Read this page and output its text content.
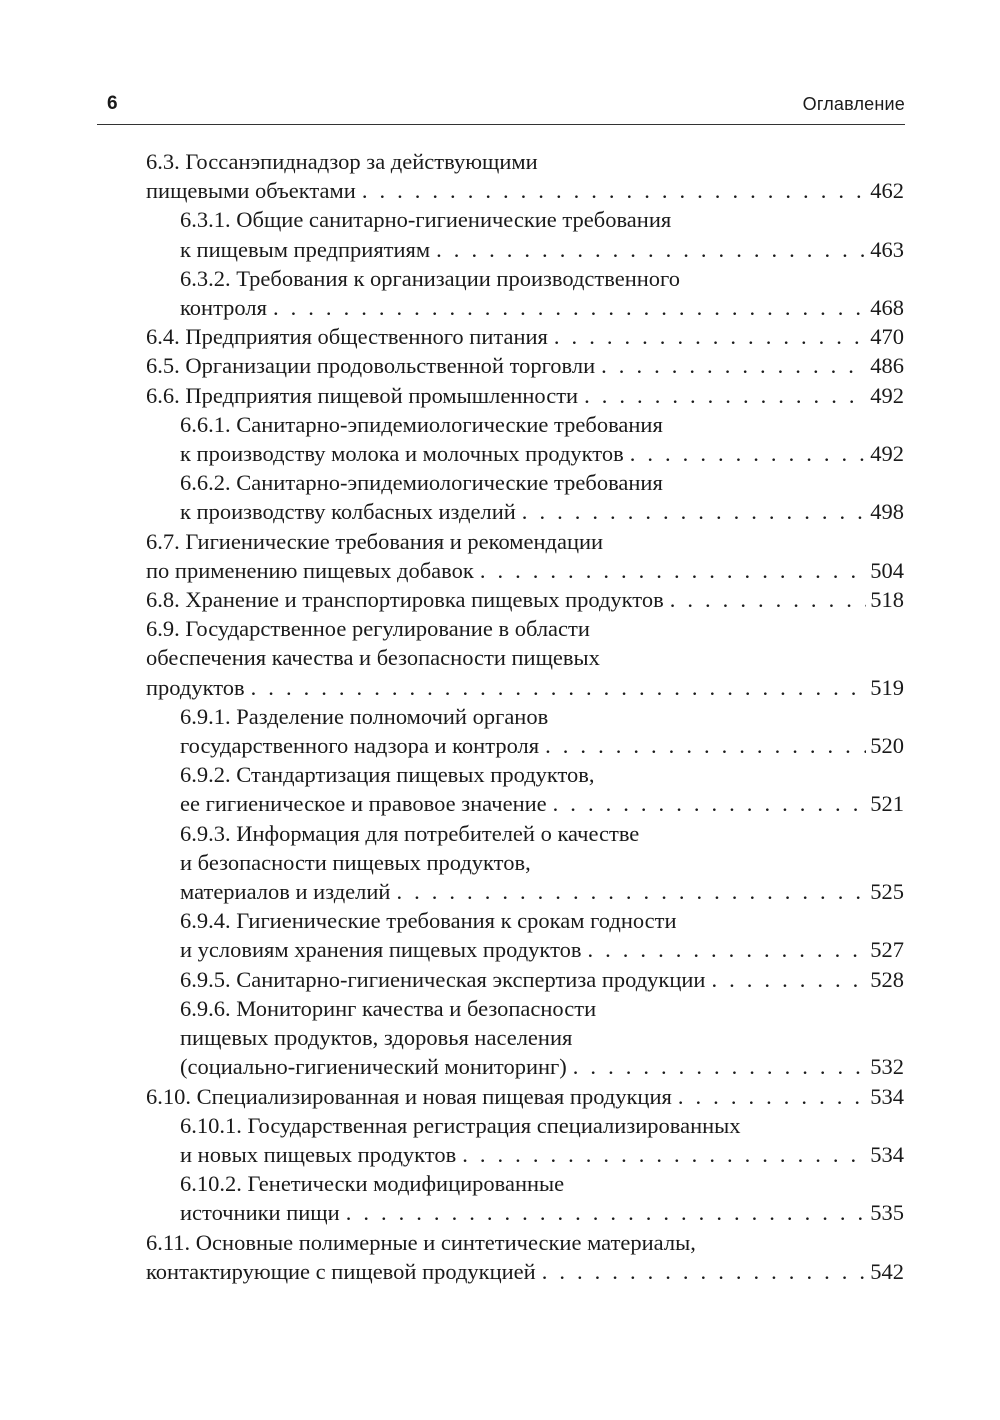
6	Оглавление
6.3. Госсанэпиднадзор за действующими
пищевыми объектами . . .	462
6.3.1. Общие санитарно-гигиенические требования
к пищевым предприятиям . . .	463
6.3.2. Требования к организации производственного
контроля . . .	468
6.4. Предприятия общественного питания . . .	470
6.5. Организации продовольственной торговли . . .	486
6.6. Предприятия пищевой промышленности . . .	492
6.6.1. Санитарно-эпидемиологические требования
к производству молока и молочных продуктов . . .	492
6.6.2. Санитарно-эпидемиологические требования
к производству колбасных изделий . . .	498
6.7. Гигиенические требования и рекомендации
по применению пищевых добавок . . .	504
6.8. Хранение и транспортировка пищевых продуктов . . .	518
6.9. Государственное регулирование в области
обеспечения качества и безопасности пищевых
продуктов . . .	519
6.9.1. Разделение полномочий органов
государственного надзора и контроля . . .	520
6.9.2. Стандартизация пищевых продуктов,
ее гигиеническое и правовое значение . . .	521
6.9.3. Информация для потребителей о качестве
и безопасности пищевых продуктов,
материалов и изделий . . .	525
6.9.4. Гигиенические требования к срокам годности
и условиям хранения пищевых продуктов . . .	527
6.9.5. Санитарно-гигиеническая экспертиза продукции . . .	528
6.9.6. Мониторинг качества и безопасности
пищевых продуктов, здоровья населения
(социально-гигиенический мониторинг) . . .	532
6.10. Специализированная и новая пищевая продукция . . .	534
6.10.1. Государственная регистрация специализированных
и новых пищевых продуктов . . .	534
6.10.2. Генетически модифицированные
источники пищи . . .	535
6.11. Основные полимерные и синтетические материалы,
контактирующие с пищевой продукцией . . .	542
